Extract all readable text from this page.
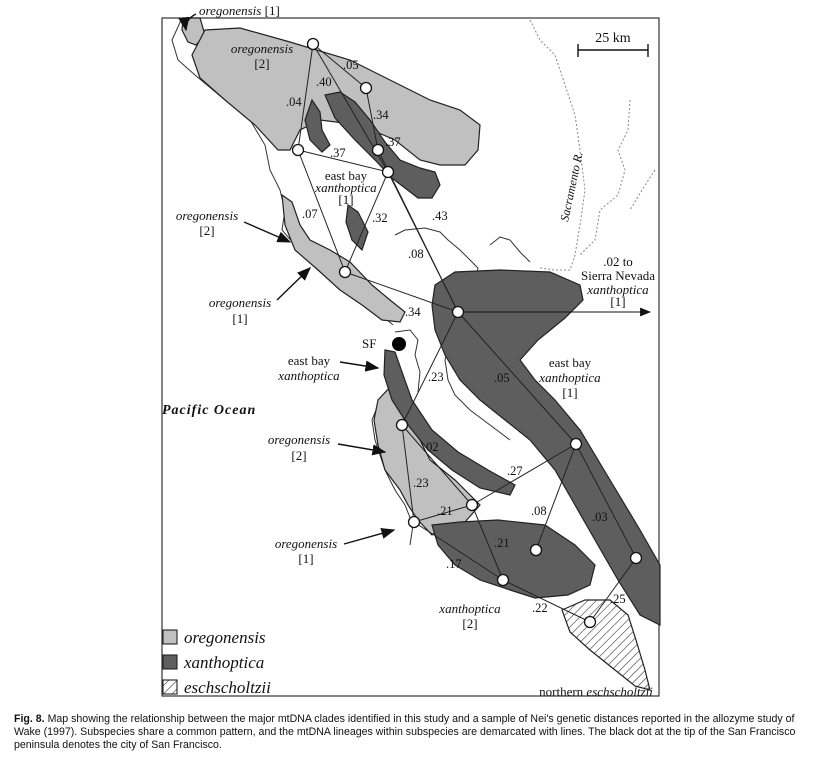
25 km
Sacramento R.
Pacific Ocean
SF
oregonensis [1]
oregonensis
[2]
east bay
xanthoptica
[1]
oregonensis
[2]
oregonensis
[1]
.02 to
Sierra Nevada
xanthoptica
[1]
east bay
xanthoptica
east bay
xanthoptica
[1]
oregonensis
[2]
oregonensis
[1]
xanthoptica
[2]
northern eschscholtzii
.05
.40
.04
.34
.37
.37
.07	.32	.43
.08
.34
.23	.05
.02
.27
.23
.21	.08	.03
.21
.17
.22
.25
oregonensis
xanthoptica
eschscholtzii
Fig. 8. Map showing the relationship between the major mtDNA clades identified in this study and a sample of Nei's genetic distances reported in the allozyme study of Wake (1997). Subspecies share a common pattern, and the mtDNA lineages within subspecies are demarcated with lines. The black dot at the tip of the San Francisco peninsula denotes the city of San Francisco.
